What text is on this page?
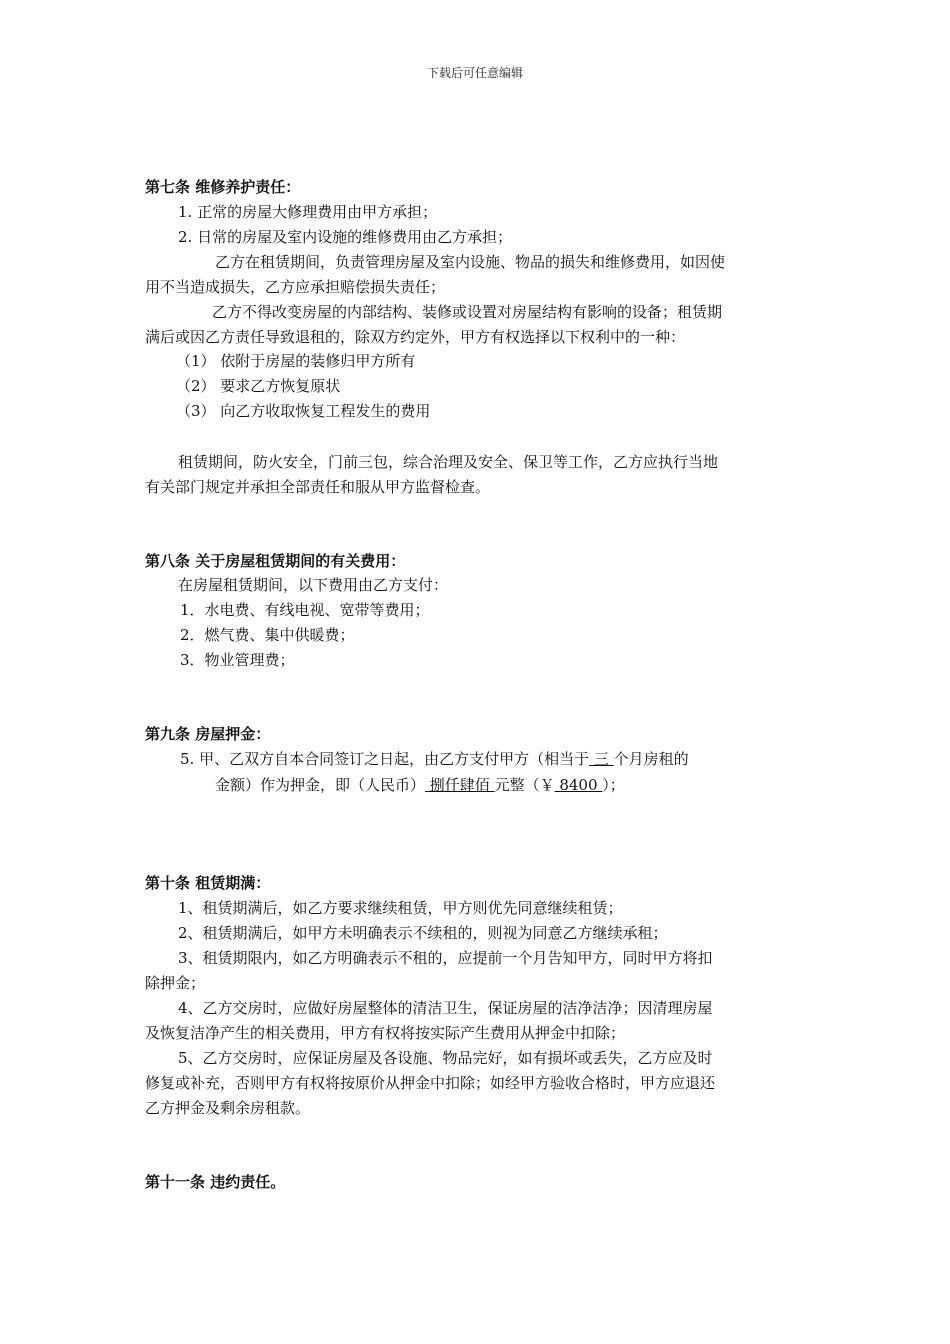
下载后可任意编辑
第七条 维修养护责任：
1. 正常的房屋大修理费用由甲方承担；
2. 日常的房屋及室内设施的维修费用由乙方承担；
乙方在租赁期间，负责管理房屋及室内设施、物品的损失和维修费用，如因使
用不当造成损失，乙方应承担赔偿损失责任；
乙方不得改变房屋的内部结构、装修或设置对房屋结构有影响的设备；租赁期
满后或因乙方责任导致退租的，除双方约定外，甲方有权选择以下权利中的一种：
（1） 依附于房屋的装修归甲方所有
（2） 要求乙方恢复原状
（3） 向乙方收取恢复工程发生的费用
租赁期间，防火安全，门前三包，综合治理及安全、保卫等工作，乙方应执行当地
有关部门规定并承担全部责任和服从甲方监督检查。
第八条 关于房屋租赁期间的有关费用：
在房屋租赁期间，以下费用由乙方支付：
1．水电费、有线电视、宽带等费用；
2．燃气费、集中供暖费；
3．物业管理费；
第九条 房屋押金：
5. 甲、乙双方自本合同签订之日起，由乙方支付甲方（相当于 三 个月房租的
金额）作为押金，即（人民币） 捌仟肆佰 元整（￥ 8400 ）；
第十条 租赁期满：
1、租赁期满后，如乙方要求继续租赁，甲方则优先同意继续租赁；
2、租赁期满后，如甲方未明确表示不续租的，则视为同意乙方继续承租；
3、租赁期限内，如乙方明确表示不租的，应提前一个月告知甲方，同时甲方将扣
除押金；
4、乙方交房时，应做好房屋整体的清洁卫生，保证房屋的洁净洁净；因清理房屋
及恢复洁净产生的相关费用，甲方有权将按实际产生费用从押金中扣除；
5、乙方交房时，应保证房屋及各设施、物品完好，如有损坏或丢失，乙方应及时
修复或补充，否则甲方有权将按原价从押金中扣除；如经甲方验收合格时，甲方应退还
乙方押金及剩余房租款。
第十一条 违约责任。
